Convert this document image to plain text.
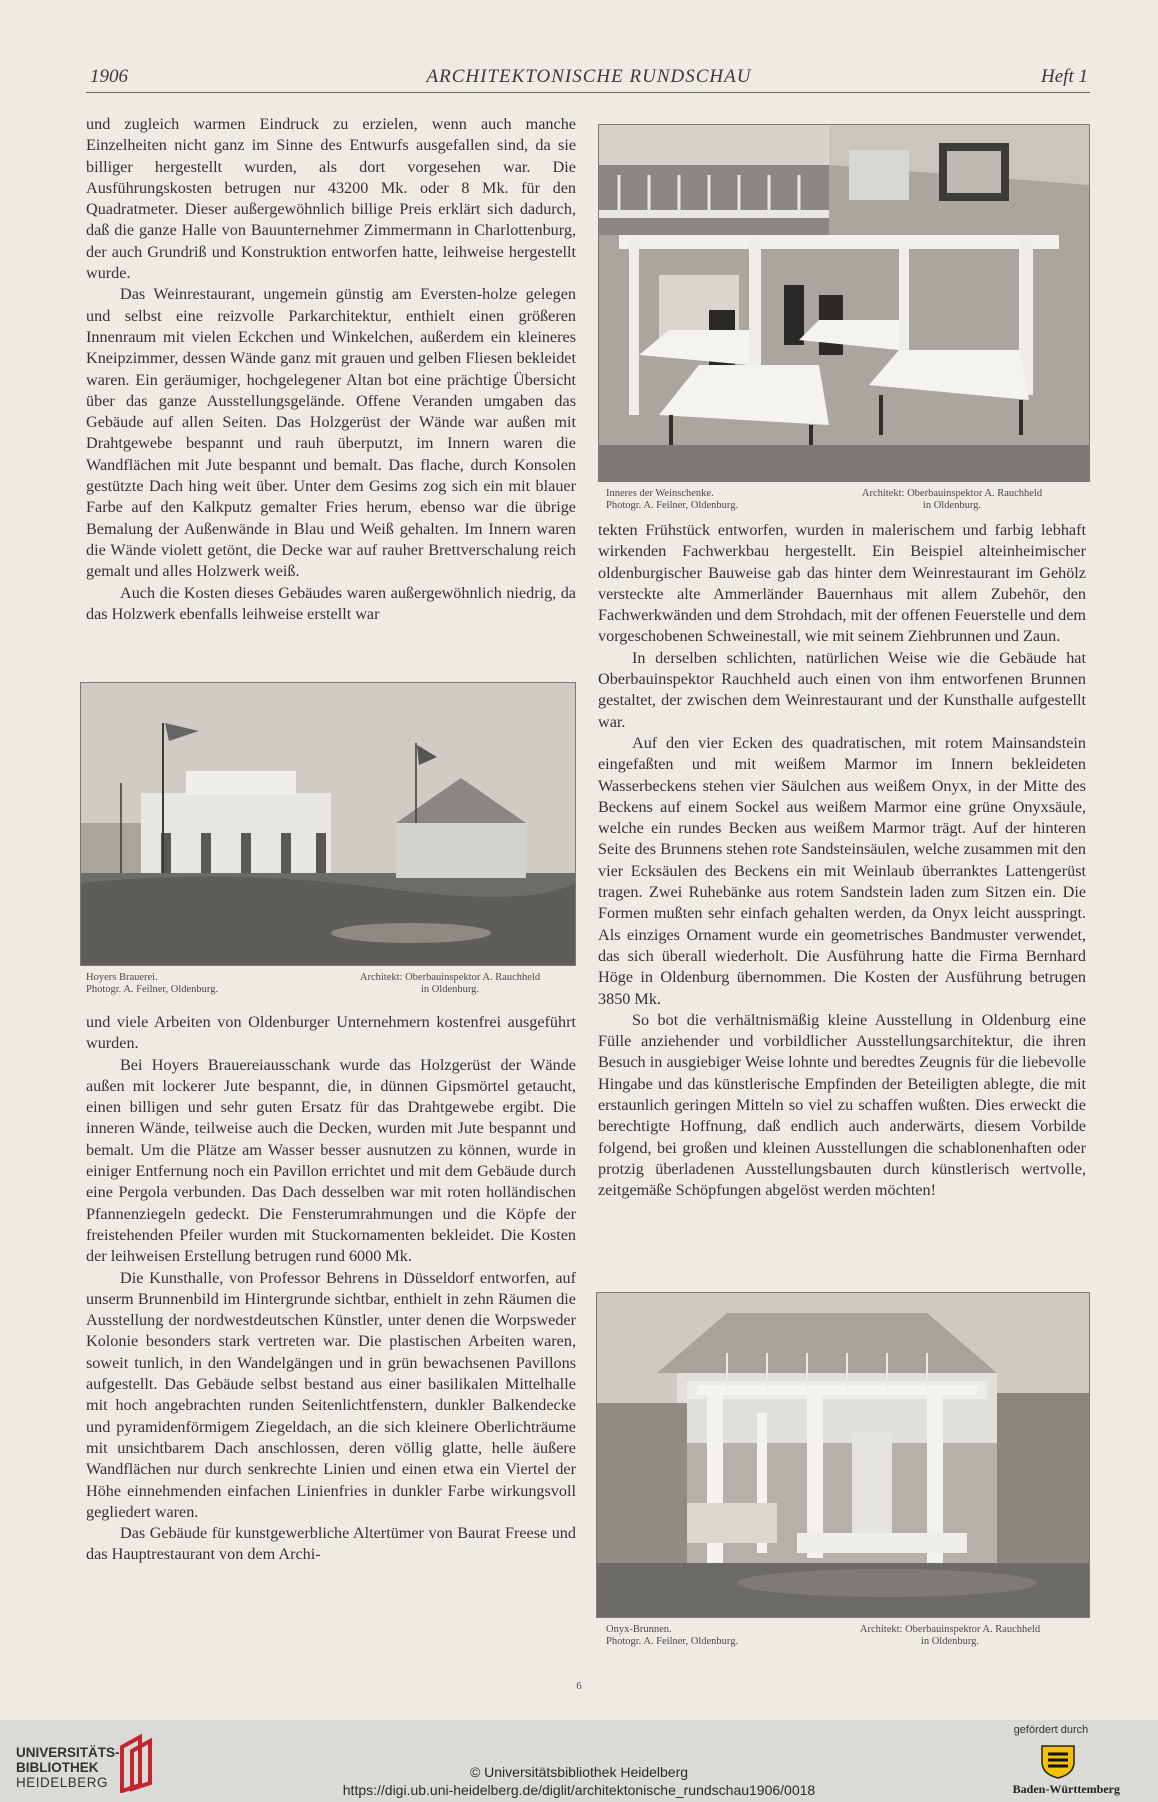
1906	ARCHITEKTONISCHE RUNDSCHAU	Heft 1

und zugleich warmen Eindruck zu erzielen, wenn auch manche Einzelheiten nicht ganz im Sinne des Entwurfs ausgefallen sind, da sie billiger hergestellt wurden, als dort vorgesehen war. Die Ausführungskosten betrugen nur 43200 Mk. oder 8 Mk. für den Quadratmeter. Dieser außergewöhnlich billige Preis erklärt sich dadurch, daß die ganze Halle von Bauunternehmer Zimmermann in Charlottenburg, der auch Grundriß und Konstruktion entworfen hatte, leihweise hergestellt wurde.

Das Weinrestaurant, ungemein günstig am Eversten-holze gelegen und selbst eine reizvolle Parkarchitektur, enthielt einen größeren Innenraum mit vielen Eckchen und Winkelchen, außerdem ein kleineres Kneipzimmer, dessen Wände ganz mit grauen und gelben Fliesen bekleidet waren. Ein geräumiger, hochgelegener Altan bot eine prächtige Übersicht über das ganze Ausstellungsgelände. Offene Veranden umgaben das Gebäude auf allen Seiten. Das Holzgerüst der Wände war außen mit Drahtgewebe bespannt und rauh überputzt, im Innern waren die Wandflächen mit Jute bespannt und bemalt. Das flache, durch Konsolen gestützte Dach hing weit über. Unter dem Gesims zog sich ein mit blauer Farbe auf den Kalkputz gemalter Fries herum, ebenso war die übrige Bemalung der Außenwände in Blau und Weiß gehalten. Im Innern waren die Wände violett getönt, die Decke war auf rauher Brettverschalung reich gemalt und alles Holzwerk weiß.

Auch die Kosten dieses Gebäudes waren außergewöhnlich niedrig, da das Holzwerk ebenfalls leihweise erstellt war

Hoyers Brauerei.
Photogr. A. Feilner, Oldenburg.
Architekt: Oberbauinspektor A. Rauchheld
in Oldenburg.

und viele Arbeiten von Oldenburger Unternehmern kostenfrei ausgeführt wurden.

Bei Hoyers Brauereiausschank wurde das Holzgerüst der Wände außen mit lockerer Jute bespannt, die, in dünnen Gipsmörtel getaucht, einen billigen und sehr guten Ersatz für das Drahtgewebe ergibt. Die inneren Wände, teilweise auch die Decken, wurden mit Jute bespannt und bemalt. Um die Plätze am Wasser besser ausnutzen zu können, wurde in einiger Entfernung noch ein Pavillon errichtet und mit dem Gebäude durch eine Pergola verbunden. Das Dach desselben war mit roten holländischen Pfannenziegeln gedeckt. Die Fensterumrahmungen und die Köpfe der freistehenden Pfeiler wurden mit Stuckornamenten bekleidet. Die Kosten der leihweisen Erstellung betrugen rund 6000 Mk.

Die Kunsthalle, von Professor Behrens in Düsseldorf entworfen, auf unserm Brunnenbild im Hintergrunde sichtbar, enthielt in zehn Räumen die Ausstellung der nordwestdeutschen Künstler, unter denen die Worpsweder Kolonie besonders stark vertreten war. Die plastischen Arbeiten waren, soweit tunlich, in den Wandelgängen und in grün bewachsenen Pavillons aufgestellt. Das Gebäude selbst bestand aus einer basilikalen Mittelhalle mit hoch angebrachten runden Seitenlichtfenstern, dunkler Balkendecke und pyramidenförmigem Ziegeldach, an die sich kleinere Oberlichträume mit unsichtbarem Dach anschlossen, deren völlig glatte, helle äußere Wandflächen nur durch senkrechte Linien und einen etwa ein Viertel der Höhe einnehmenden einfachen Linienfries in dunkler Farbe wirkungsvoll gegliedert waren.

Das Gebäude für kunstgewerbliche Altertümer von Baurat Freese und das Hauptrestaurant von dem Archi-

Inneres der Weinschenke.
Photogr. A. Feilner, Oldenburg.
Architekt: Oberbauinspektor A. Rauchheld
in Oldenburg.

tekten Frühstück entworfen, wurden in malerischem und farbig lebhaft wirkenden Fachwerkbau hergestellt. Ein Beispiel alteinheimischer oldenburgischer Bauweise gab das hinter dem Weinrestaurant im Gehölz versteckte alte Ammerländer Bauernhaus mit allem Zubehör, den Fachwerkwänden und dem Strohdach, mit der offenen Feuerstelle und dem vorgeschobenen Schweinestall, wie mit seinem Ziehbrunnen und Zaun.

In derselben schlichten, natürlichen Weise wie die Gebäude hat Oberbauinspektor Rauchheld auch einen von ihm entworfenen Brunnen gestaltet, der zwischen dem Weinrestaurant und der Kunsthalle aufgestellt war.

Auf den vier Ecken des quadratischen, mit rotem Mainsandstein eingefaßten und mit weißem Marmor im Innern bekleideten Wasserbeckens stehen vier Säulchen aus weißem Onyx, in der Mitte des Beckens auf einem Sockel aus weißem Marmor eine grüne Onyxsäule, welche ein rundes Becken aus weißem Marmor trägt. Auf der hinteren Seite des Brunnens stehen rote Sandsteinsäulen, welche zusammen mit den vier Ecksäulen des Beckens ein mit Weinlaub überranktes Lattengerüst tragen. Zwei Ruhebänke aus rotem Sandstein laden zum Sitzen ein. Die Formen mußten sehr einfach gehalten werden, da Onyx leicht ausspringt. Als einziges Ornament wurde ein geometrisches Bandmuster verwendet, das sich überall wiederholt. Die Ausführung hatte die Firma Bernhard Höge in Oldenburg übernommen. Die Kosten der Ausführung betrugen 3850 Mk.

So bot die verhältnismäßig kleine Ausstellung in Oldenburg eine Fülle anziehender und vorbildlicher Ausstellungsarchitektur, die ihren Besuch in ausgiebiger Weise lohnte und beredtes Zeugnis für die liebevolle Hingabe und das künstlerische Empfinden der Beteiligten ablegte, die mit erstaunlich geringen Mitteln so viel zu schaffen wußten. Dies erweckt die berechtigte Hoffnung, daß endlich auch anderwärts, diesem Vorbilde folgend, bei großen und kleinen Ausstellungen die schablonenhaften oder protzig überladenen Ausstellungsbauten durch künstlerisch wertvolle, zeitgemäße Schöpfungen abgelöst werden möchten!

Onyx-Brunnen.
Photogr. A. Feilner, Oldenburg.
Architekt: Oberbauinspektor A. Rauchheld
in Oldenburg.
6
UNIVERSITÄTS-
BIBLIOTHEK
HEIDELBERG
© Universitätsbibliothek Heidelberg
https://digi.ub.uni-heidelberg.de/diglit/architektonische_rundschau1906/0018
gefördert durch
Baden-Württemberg
